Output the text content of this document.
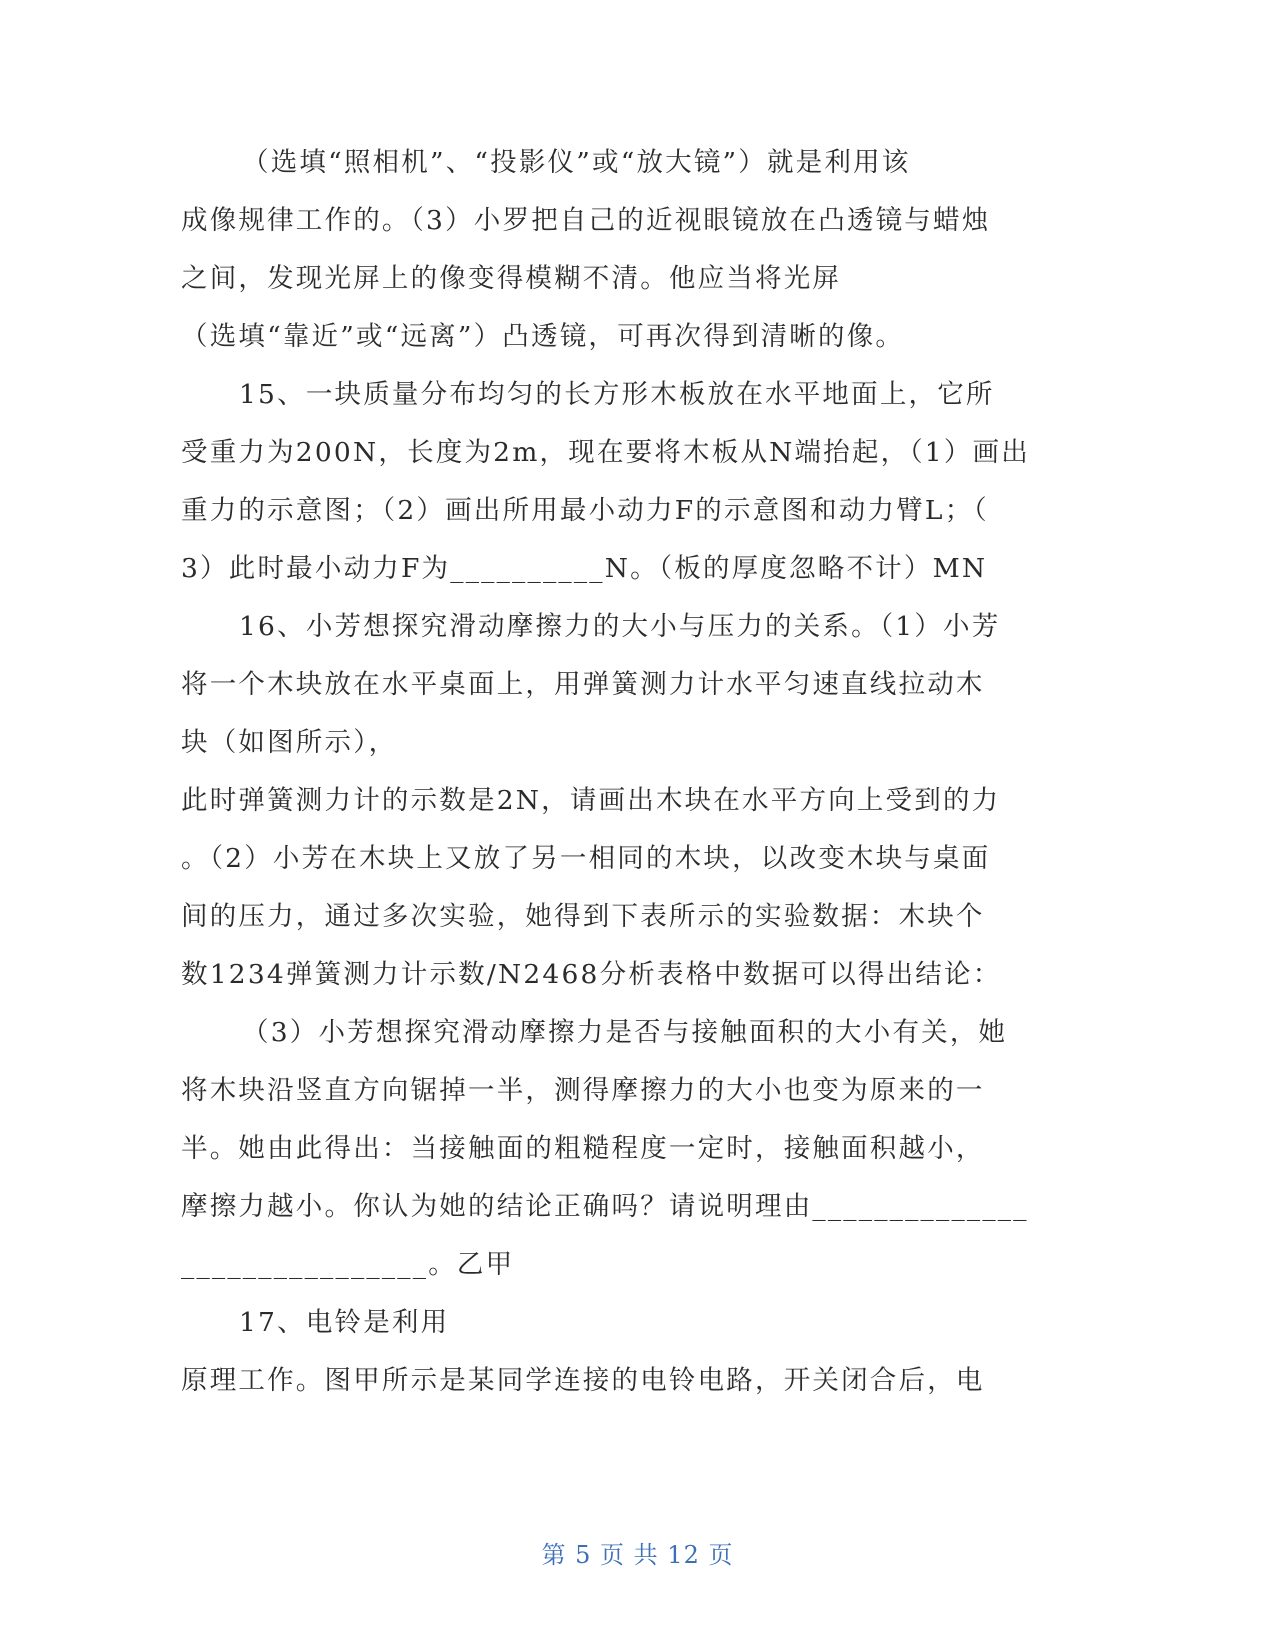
（选填“照相机”、“投影仪”或“放大镜”）就是利用该
成像规律工作的。（3）小罗把自己的近视眼镜放在凸透镜与蜡烛
之间，发现光屏上的像变得模糊不清。他应当将光屏
（选填“靠近”或“远离”）凸透镜，可再次得到清晰的像。
15、一块质量分布均匀的长方形木板放在水平地面上，它所
受重力为200N，长度为2m，现在要将木板从N端抬起，（1）画出
重力的示意图；（2）画出所用最小动力F的示意图和动力臂L；（
3）此时最小动力F为__________N。（板的厚度忽略不计）MN
16、小芳想探究滑动摩擦力的大小与压力的关系。（1）小芳
将一个木块放在水平桌面上，用弹簧测力计水平匀速直线拉动木
块（如图所示），
此时弹簧测力计的示数是2N，请画出木块在水平方向上受到的力
。（2）小芳在木块上又放了另一相同的木块，以改变木块与桌面
间的压力，通过多次实验，她得到下表所示的实验数据：木块个
数1234弹簧测力计示数/N2468分析表格中数据可以得出结论：
（3）小芳想探究滑动摩擦力是否与接触面积的大小有关，她
将木块沿竖直方向锯掉一半，测得摩擦力的大小也变为原来的一
半。她由此得出：当接触面的粗糙程度一定时，接触面积越小，
摩擦力越小。你认为她的结论正确吗？请说明理由______________
________________。乙甲
17、电铃是利用
原理工作。图甲所示是某同学连接的电铃电路，开关闭合后，电
第 5 页 共 12 页
